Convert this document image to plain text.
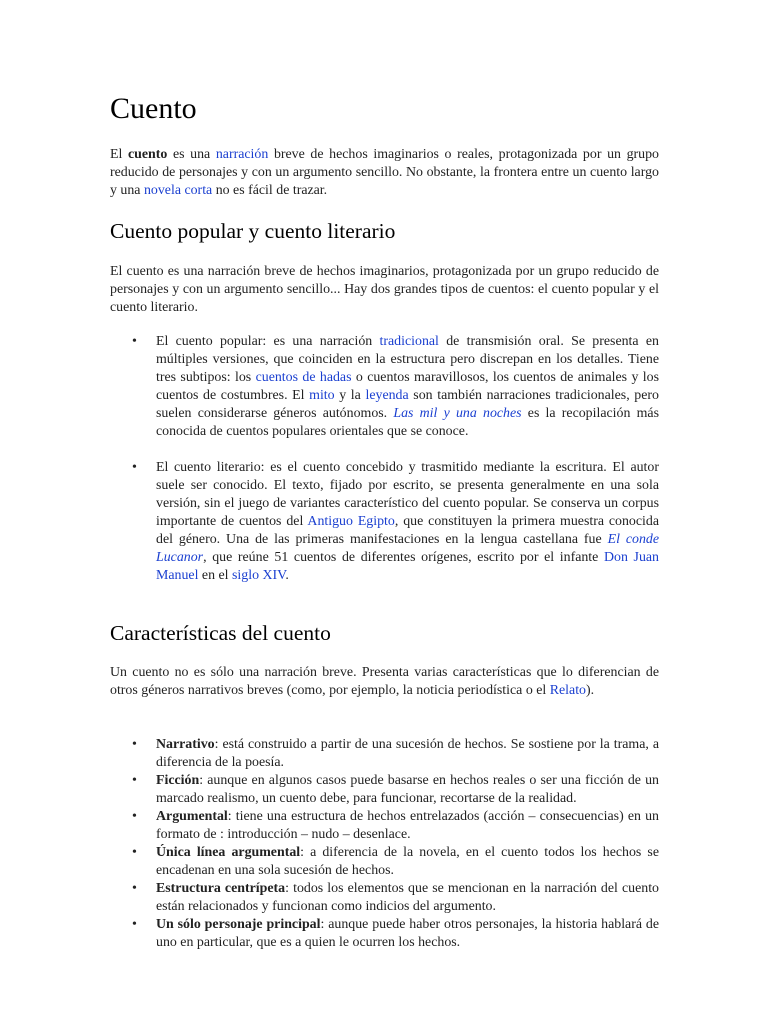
Cuento

El cuento es una narración breve de hechos imaginarios o reales, protagonizada por un grupo reducido de personajes y con un argumento sencillo. No obstante, la frontera entre un cuento largo y una novela corta no es fácil de trazar.

Cuento popular y cuento literario

El cuento es una narración breve de hechos imaginarios, protagonizada por un grupo reducido de personajes y con un argumento sencillo... Hay dos grandes tipos de cuentos: el cuento popular y el cuento literario.

• El cuento popular: es una narración tradicional de transmisión oral. Se presenta en múltiples versiones, que coinciden en la estructura pero discrepan en los detalles. Tiene tres subtipos: los cuentos de hadas o cuentos maravillosos, los cuentos de animales y los cuentos de costumbres. El mito y la leyenda son también narraciones tradicionales, pero suelen considerarse géneros autónomos. Las mil y una noches es la recopilación más conocida de cuentos populares orientales que se conoce.
• El cuento literario: es el cuento concebido y trasmitido mediante la escritura. El autor suele ser conocido. El texto, fijado por escrito, se presenta generalmente en una sola versión, sin el juego de variantes característico del cuento popular. Se conserva un corpus importante de cuentos del Antiguo Egipto, que constituyen la primera muestra conocida del género. Una de las primeras manifestaciones en la lengua castellana fue El conde Lucanor, que reúne 51 cuentos de diferentes orígenes, escrito por el infante Don Juan Manuel en el siglo XIV.
Características del cuento

Un cuento no es sólo una narración breve. Presenta varias características que lo diferencian de otros géneros narrativos breves (como, por ejemplo, la noticia periodística o el Relato).

• Narrativo: está construido a partir de una sucesión de hechos. Se sostiene por la trama, a diferencia de la poesía.
• Ficción: aunque en algunos casos puede basarse en hechos reales o ser una ficción de un marcado realismo, un cuento debe, para funcionar, recortarse de la realidad.
• Argumental: tiene una estructura de hechos entrelazados (acción – consecuencias) en un formato de : introducción – nudo – desenlace.
• Única línea argumental: a diferencia de la novela, en el cuento todos los hechos se encadenan en una sola sucesión de hechos.
• Estructura centrípeta: todos los elementos que se mencionan en la narración del cuento están relacionados y funcionan como indicios del argumento.
• Un sólo personaje principal: aunque puede haber otros personajes, la historia hablará de uno en particular, que es a quien le ocurren los hechos.
